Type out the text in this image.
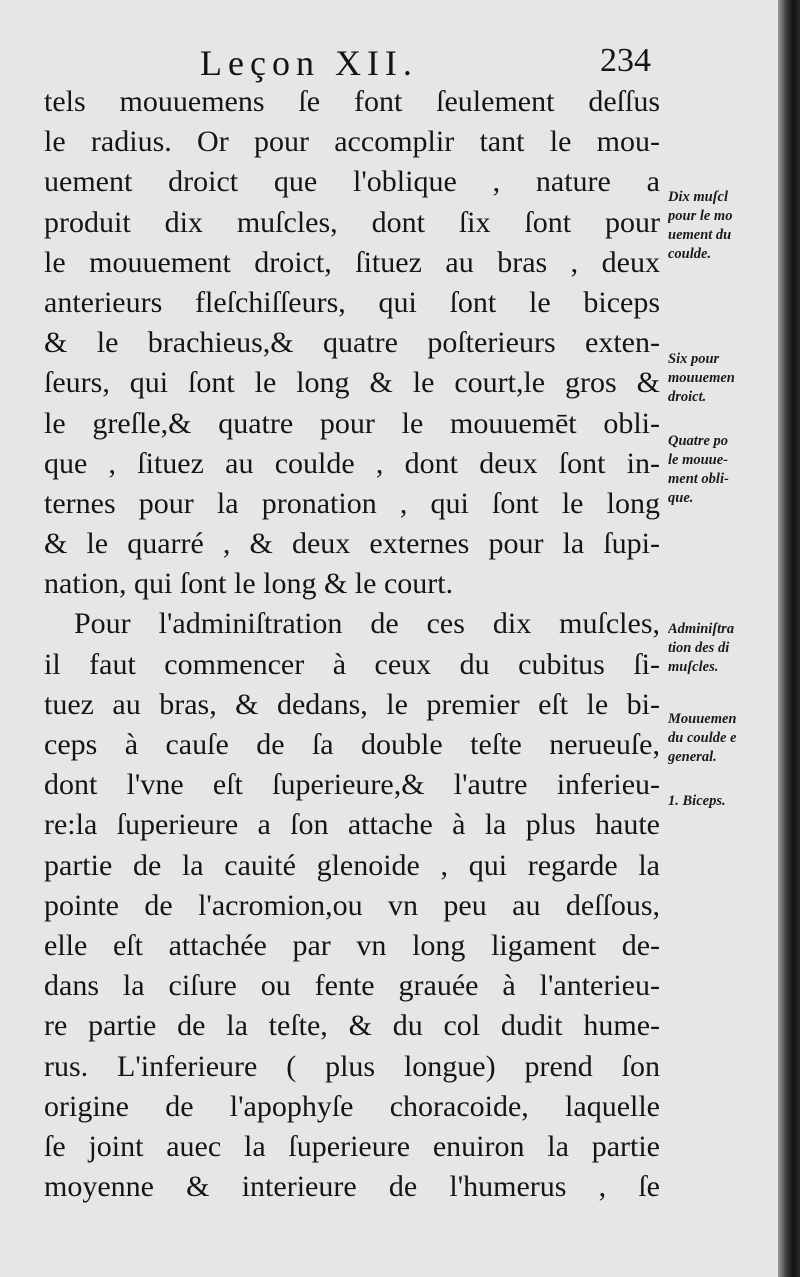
Leçon XII.	234
tels mouuemens ſe font ſeulement deſſus
le radius. Or pour accomplir tant le mou-
uement droict que l'oblique , nature a
produit dix muſcles, dont ſix ſont pour
le mouuement droict, ſituez au bras , deux
anterieurs fleſchiſſeurs, qui ſont le biceps
& le brachieus,& quatre poſterieurs exten-
ſeurs, qui ſont le long & le court,le gros &
le greſle,& quatre pour le mouuemēt obli-
que , ſituez au coulde , dont deux ſont in-
ternes pour la pronation , qui ſont le long
& le quarré , & deux externes pour la ſupi-
nation, qui ſont le long & le court.
Pour l'adminiſtration de ces dix muſcles,
il faut commencer à ceux du cubitus ſi-
tuez au bras, & dedans, le premier eſt le bi-
ceps à cauſe de ſa double teſte nerueuſe,
dont l'vne eſt ſuperieure,& l'autre inferieu-
re:la ſuperieure a ſon attache à la plus haute
partie de la cauité glenoide , qui regarde la
pointe de l'acromion,ou vn peu au deſſous,
elle eſt attachée par vn long ligament de-
dans la ciſure ou fente grauée à l'anterieu-
re partie de la teſte, & du col dudit hume-
rus. L'inferieure ( plus longue) prend ſon
origine de l'apophyſe choracoide, laquelle
ſe joint auec la ſuperieure enuiron la partie
moyenne & interieure de l'humerus , ſe
Dix muſcl
pour le mo
uement du
coulde.
Six pour
mouuemen
droict.
Quatre po
le mouue-
ment obli-
que.
Adminiſtra
tion des di
muſcles.
Mouuemen
du coulde e
general.
1. Biceps.
